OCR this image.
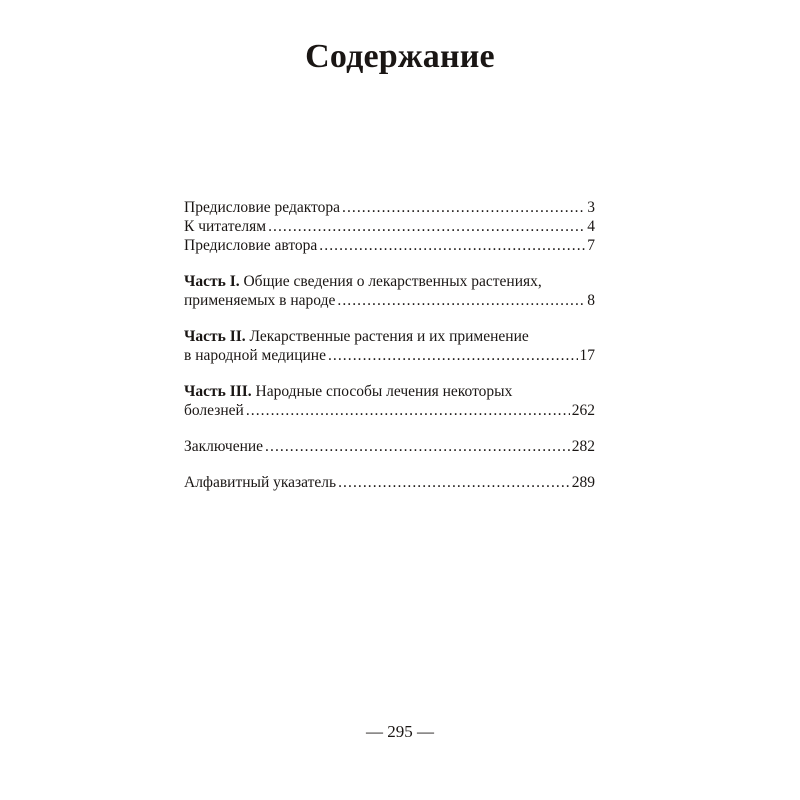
Содержание
Предисловие редактора . . .	3
К читателям . . .	4
Предисловие автора . . .	7
Часть I. Общие сведения о лекарственных растениях,
применяемых в народе . . .	8
Часть II. Лекарственные растения и их применение
в народной медицине . . .	17
Часть III. Народные способы лечения некоторых
болезней . . .	262
Заключение . . .	282
Алфавитный указатель . . .	289
— 295 —
